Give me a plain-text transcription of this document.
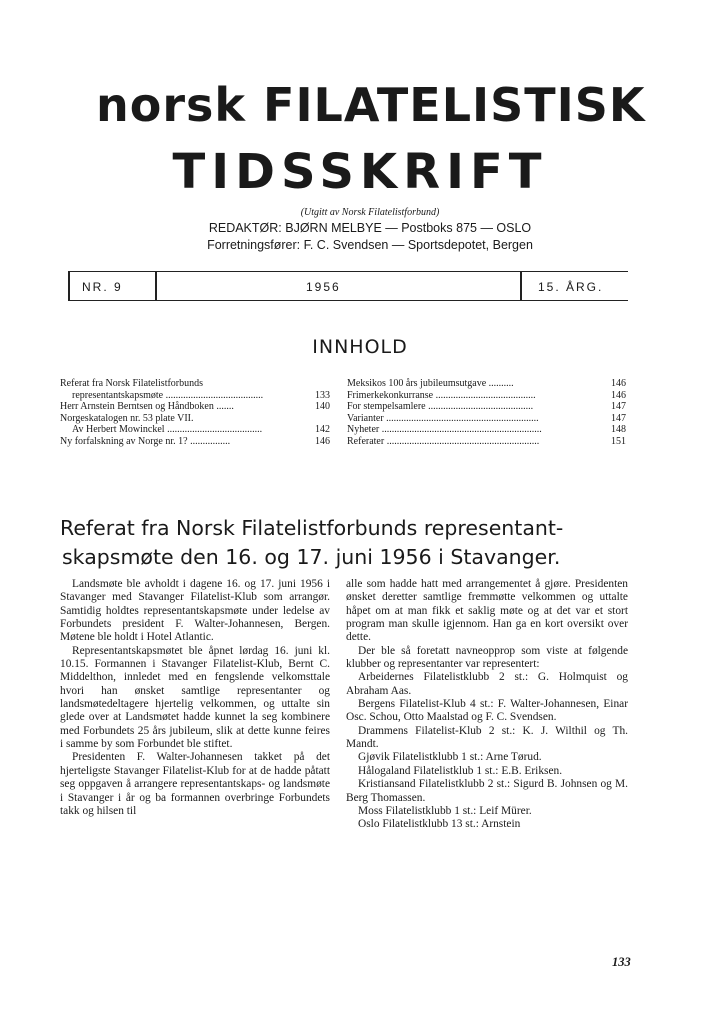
norsk FILATELISTISK
TIDSSKRIFT
(Utgitt av Norsk Filatelistforbund)
REDAKTØR: BJØRN MELBYE — Postboks 875 — OSLO
Forretningsfører: F. C. Svendsen — Sportsdepotet, Bergen
NR. 9	1956	15. ÅRG.
INNHOLD
Referat fra Norsk Filatelistforbunds
representantskapsmøte .......................................	133
Herr Arnstein Berntsen og Håndboken .......	140
Norgeskatalogen nr. 53 plate VII.
Av Herbert Mowinckel ......................................	142
Ny forfalskning av Norge nr. 1? ................	146
Meksikos 100 års jubileumsutgave ..........	146
Frimerkekonkurranse ........................................	146
For stempelsamlere ..........................................	147
Varianter .............................................................	147
Nyheter ................................................................	148
Referater .............................................................	151
Referat fra Norsk Filatelistforbunds representant-
skapsmøte den 16. og 17. juni 1956 i Stavanger.

Landsmøte ble avholdt i dagene 16. og 17. juni 1956 i Stavanger med Stavanger Filatelist-Klub som arrangør. Samtidig holdtes representantskapsmøte under ledelse av Forbundets president F. Walter-Johannesen, Bergen. Møtene ble holdt i Hotel Atlantic.

Representantskapsmøtet ble åpnet lørdag 16. juni kl. 10.15. Formannen i Stavanger Filatelist-Klub, Bernt C. Middelthon, innledet med en fengslende velkomsttale hvori han ønsket samtlige representanter og landsmøtedeltagere hjertelig velkommen, og uttalte sin glede over at Landsmøtet hadde kunnet la seg kombinere med Forbundets 25 års jubileum, slik at dette kunne feires i samme by som Forbundet ble stiftet.

Presidenten F. Walter-Johannesen takket på det hjerteligste Stavanger Filatelist-Klub for at de hadde påtatt seg oppgaven å arrangere representantskaps- og landsmøte i Stavanger i år og ba formannen overbringe Forbundets takk og hilsen til

alle som hadde hatt med arrangementet å gjøre. Presidenten ønsket deretter samtlige fremmøtte velkommen og uttalte håpet om at man fikk et saklig møte og at det var et stort program man skulle igjennom. Han ga en kort oversikt over dette.

Der ble så foretatt navneopprop som viste at følgende klubber og representanter var representert:

Arbeidernes Filatelistklubb 2 st.: G. Holmquist og Abraham Aas.

Bergens Filatelist-Klub 4 st.: F. Walter-Johannesen, Einar Osc. Schou, Otto Maalstad og F. C. Svendsen.

Drammens Filatelist-Klub 2 st.: K. J. Wilthil og Th. Mandt.

Gjøvik Filatelistklubb 1 st.: Arne Tørud.

Hålogaland Filatelistklub 1 st.: E.B. Eriksen.

Kristiansand Filatelistklubb 2 st.: Sigurd B. Johnsen og M. Berg Thomassen.

Moss Filatelistklubb 1 st.: Leif Mürer.

Oslo Filatelistklubb 13 st.: Arnstein

133
